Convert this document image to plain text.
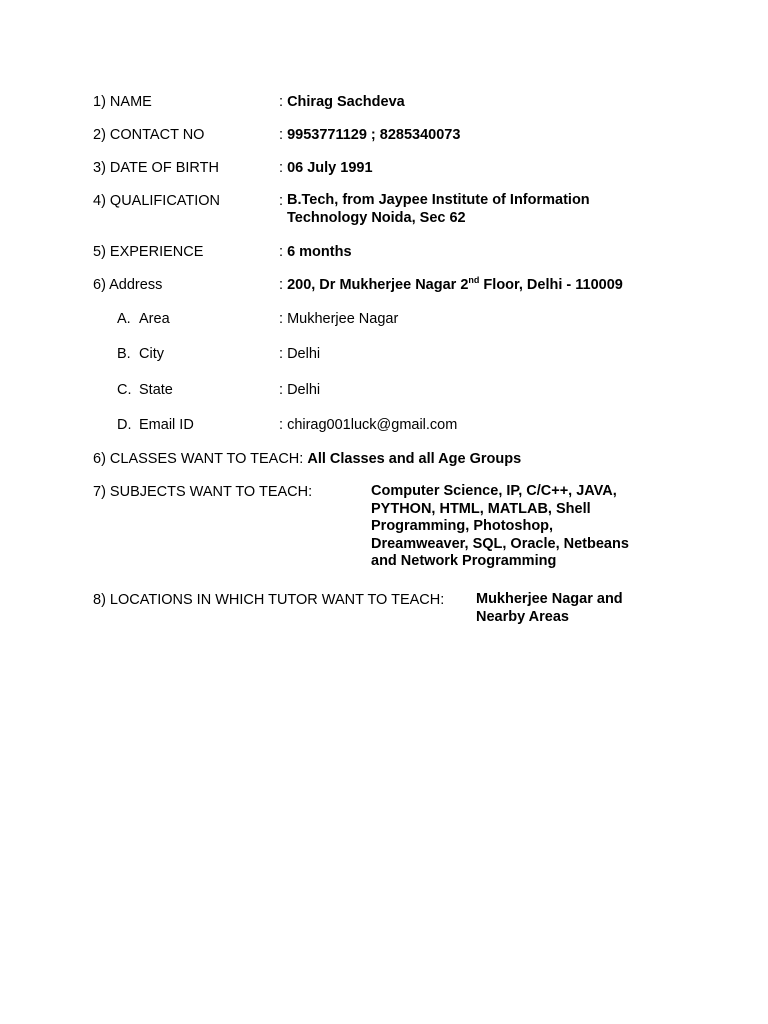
1) NAME	: Chirag Sachdeva
2) CONTACT NO	: 9953771129 ; 8285340073
3) DATE OF BIRTH	: 06 July 1991
4) QUALIFICATION	: B.Tech, from Jaypee Institute of Information
Technology Noida, Sec 62
5) EXPERIENCE	: 6 months
6) Address	: 200, Dr Mukherjee Nagar 2nd Floor, Delhi - 110009
A. Area	: Mukherjee Nagar
B. City	: Delhi
C. State	: Delhi
D. Email ID	: chirag001luck@gmail.com
6) CLASSES WANT TO TEACH: All Classes and all Age Groups
7) SUBJECTS WANT TO TEACH:	Computer Science, IP, C/C++, JAVA,
PYTHON, HTML, MATLAB, Shell
Programming, Photoshop,
Dreamweaver, SQL, Oracle, Netbeans
and Network Programming
8) LOCATIONS IN WHICH TUTOR WANT TO TEACH: Mukherjee Nagar and
Nearby Areas
